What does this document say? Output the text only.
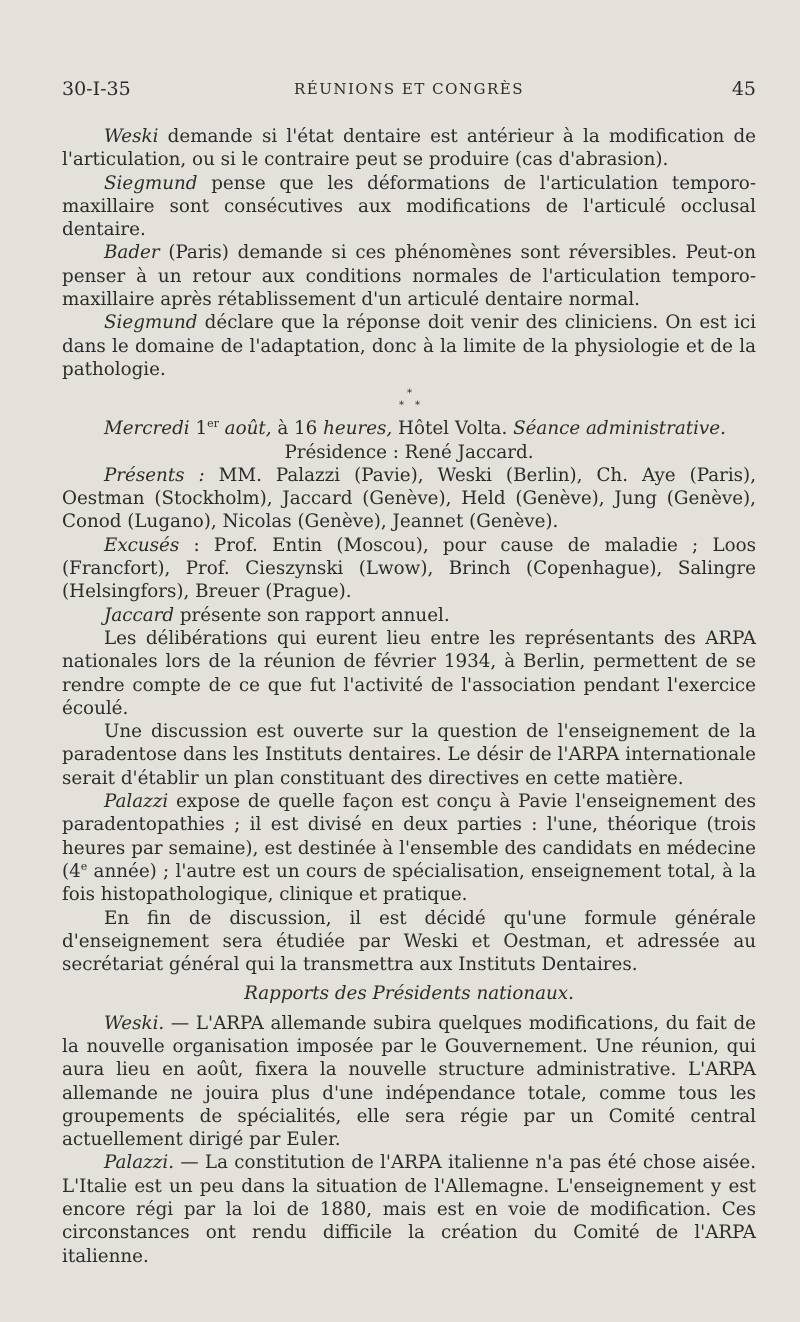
30-I-35	RÉUNIONS ET CONGRÈS	45

Weski demande si l'état dentaire est antérieur à la modification de l'articulation, ou si le contraire peut se produire (cas d'abrasion).

Siegmund pense que les déformations de l'articulation temporo-maxillaire sont consécutives aux modifications de l'articulé occlusal dentaire.

Bader (Paris) demande si ces phénomènes sont réversibles. Peut-on penser à un retour aux conditions normales de l'articulation temporo-maxillaire après rétablissement d'un articulé dentaire normal.

Siegmund déclare que la réponse doit venir des cliniciens. On est ici dans le domaine de l'adaptation, donc à la limite de la physiologie et de la pathologie.

*
* *

Mercredi 1er août, à 16 heures, Hôtel Volta. Séance administrative.

Présidence : René Jaccard.

Présents : MM. Palazzi (Pavie), Weski (Berlin), Ch. Aye (Paris), Oestman (Stockholm), Jaccard (Genève), Held (Genève), Jung (Genève), Conod (Lugano), Nicolas (Genève), Jeannet (Genève).

Excusés : Prof. Entin (Moscou), pour cause de maladie ; Loos (Francfort), Prof. Cieszynski (Lwow), Brinch (Copenhague), Salingre (Helsingfors), Breuer (Prague).

Jaccard présente son rapport annuel.

Les délibérations qui eurent lieu entre les représentants des ARPA nationales lors de la réunion de février 1934, à Berlin, permettent de se rendre compte de ce que fut l'activité de l'association pendant l'exercice écoulé.

Une discussion est ouverte sur la question de l'enseignement de la paradentose dans les Instituts dentaires. Le désir de l'ARPA internationale serait d'établir un plan constituant des directives en cette matière.

Palazzi expose de quelle façon est conçu à Pavie l'enseignement des paradentopathies ; il est divisé en deux parties : l'une, théorique (trois heures par semaine), est destinée à l'ensemble des candidats en médecine (4e année) ; l'autre est un cours de spécialisation, enseignement total, à la fois histopathologique, clinique et pratique.

En fin de discussion, il est décidé qu'une formule générale d'enseignement sera étudiée par Weski et Oestman, et adressée au secrétariat général qui la transmettra aux Instituts Dentaires.

Rapports des Présidents nationaux.

Weski. — L'ARPA allemande subira quelques modifications, du fait de la nouvelle organisation imposée par le Gouvernement. Une réunion, qui aura lieu en août, fixera la nouvelle structure administrative. L'ARPA allemande ne jouira plus d'une indépendance totale, comme tous les groupements de spécialités, elle sera régie par un Comité central actuellement dirigé par Euler.

Palazzi. — La constitution de l'ARPA italienne n'a pas été chose aisée. L'Italie est un peu dans la situation de l'Allemagne. L'enseignement y est encore régi par la loi de 1880, mais est en voie de modification. Ces circonstances ont rendu difficile la création du Comité de l'ARPA italienne.
